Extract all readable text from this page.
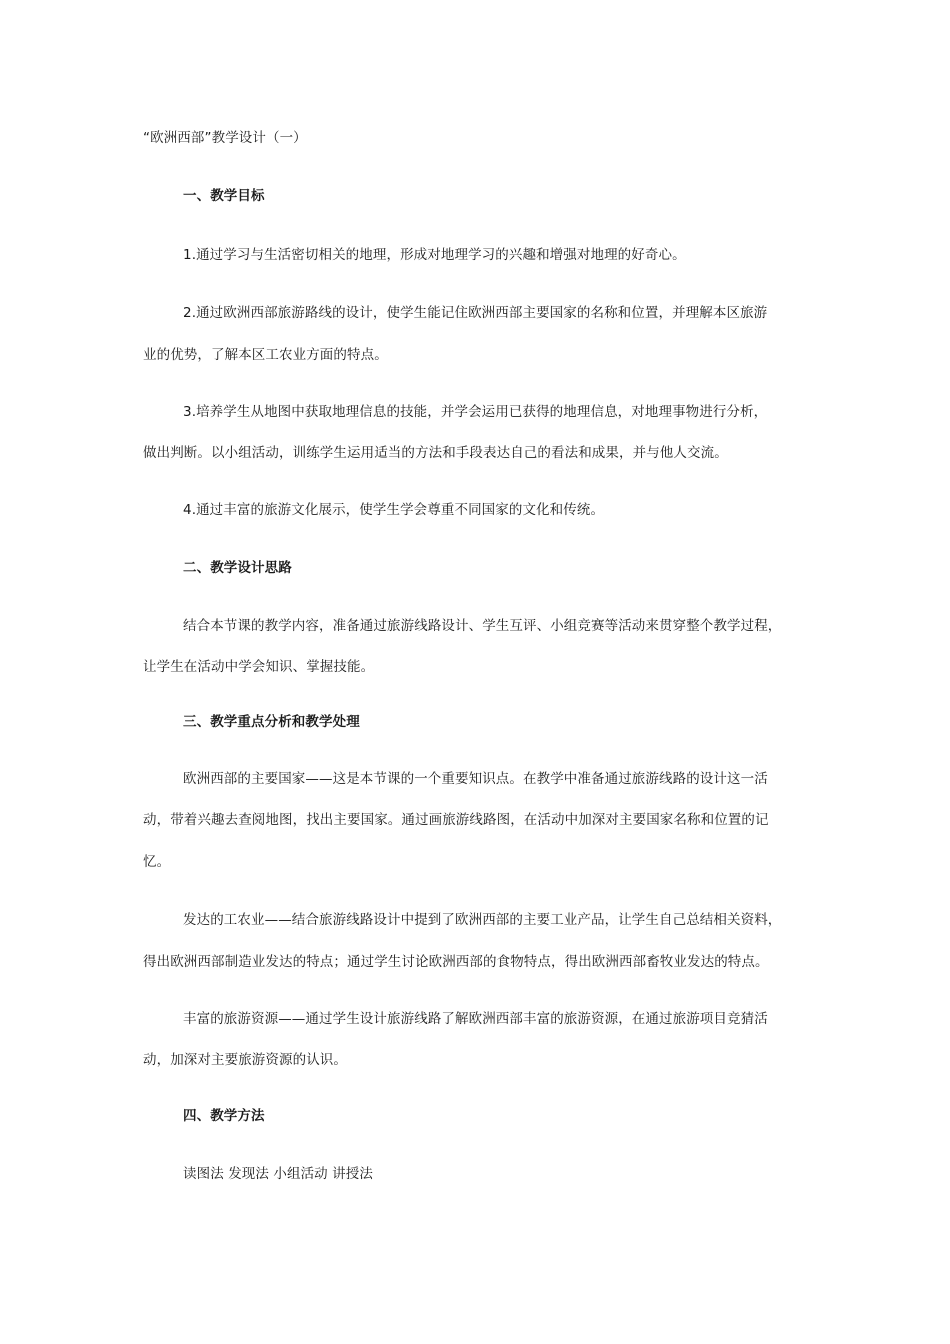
“欧洲西部”教学设计（一）
一、教学目标
1.通过学习与生活密切相关的地理，形成对地理学习的兴趣和增强对地理的好奇心。
2.通过欧洲西部旅游路线的设计，使学生能记住欧洲西部主要国家的名称和位置，并理解本区旅游
业的优势，了解本区工农业方面的特点。
3.培养学生从地图中获取地理信息的技能，并学会运用已获得的地理信息，对地理事物进行分析，
做出判断。以小组活动，训练学生运用适当的方法和手段表达自己的看法和成果，并与他人交流。
4.通过丰富的旅游文化展示，使学生学会尊重不同国家的文化和传统。
二、教学设计思路
结合本节课的教学内容，准备通过旅游线路设计、学生互评、小组竞赛等活动来贯穿整个教学过程，
让学生在活动中学会知识、掌握技能。
三、教学重点分析和教学处理
欧洲西部的主要国家——这是本节课的一个重要知识点。在教学中准备通过旅游线路的设计这一活
动，带着兴趣去查阅地图，找出主要国家。通过画旅游线路图，在活动中加深对主要国家名称和位置的记
忆。
发达的工农业——结合旅游线路设计中提到了欧洲西部的主要工业产品，让学生自己总结相关资料，
得出欧洲西部制造业发达的特点；通过学生讨论欧洲西部的食物特点，得出欧洲西部畜牧业发达的特点。
丰富的旅游资源——通过学生设计旅游线路了解欧洲西部丰富的旅游资源，在通过旅游项目竞猜活
动，加深对主要旅游资源的认识。
四、教学方法
读图法 发现法 小组活动 讲授法
